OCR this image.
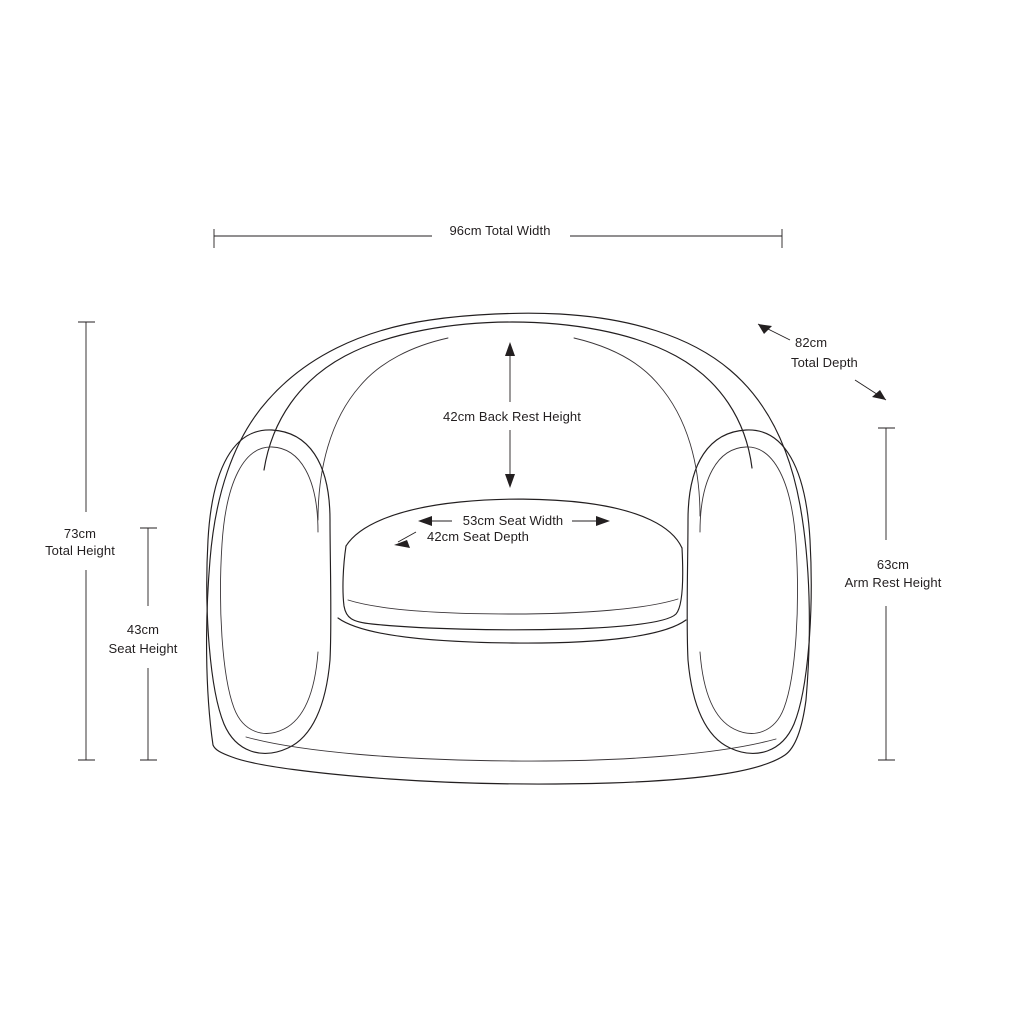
96cm Total Width
82cm
Total Depth
73cm
Total Height
43cm
Seat Height
42cm Back Rest Height
53cm Seat Width
42cm Seat Depth
63cm
Arm Rest Height
